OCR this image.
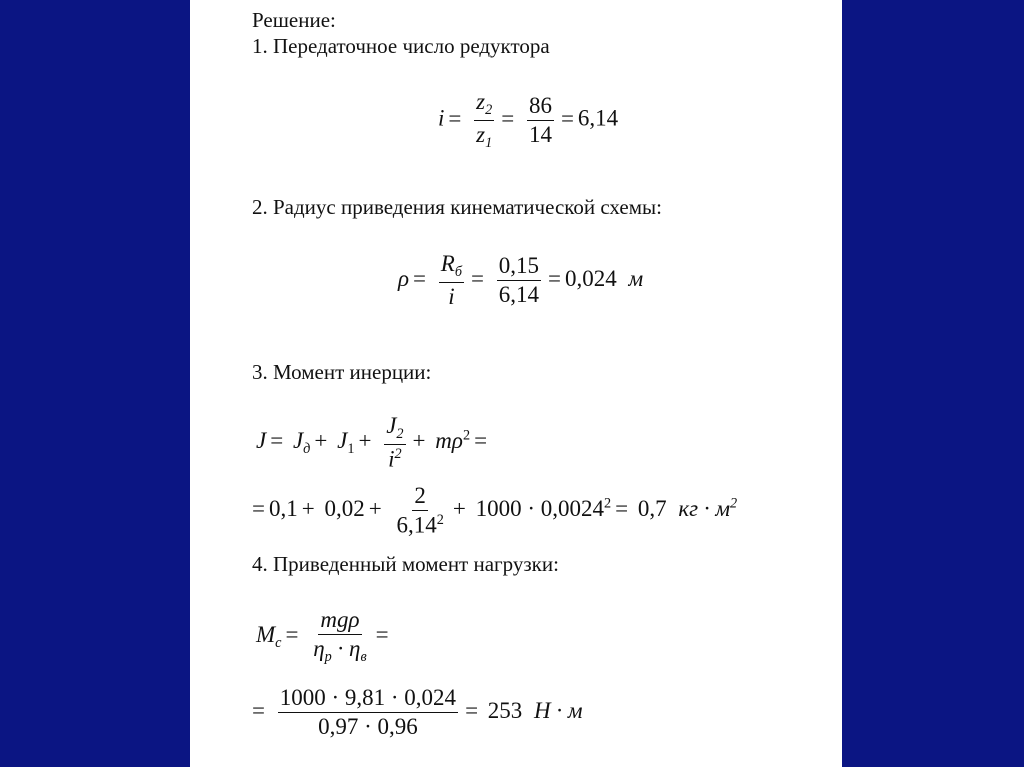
Решение:
1. Передаточное число редуктора
$i = \frac{z_2}{z_1} = \frac{86}{14} = 6,14$
2. Радиус приведения кинематической схемы:
$\rho = \frac{R_б}{i} = \frac{0,15}{6,14} = 0,024$ м
3. Момент инерции:
$J = J_д + J_1 + \frac{J_2}{i^2} + m\rho^2$ =
= $0,1 + 0,02 + \frac{2}{6,14^2} + 1000 \cdot 0,0024^2 = 0,7$ кг · $м^2$
4. Приведенный момент нагрузки:
$M_c = \frac{\text{mgρ}}{\eta_р \cdot \eta_в}$ =
= $\frac{1000 \cdot 9,81 \cdot 0,024}{0,97 \cdot 0,96} = 253$ Н · м
